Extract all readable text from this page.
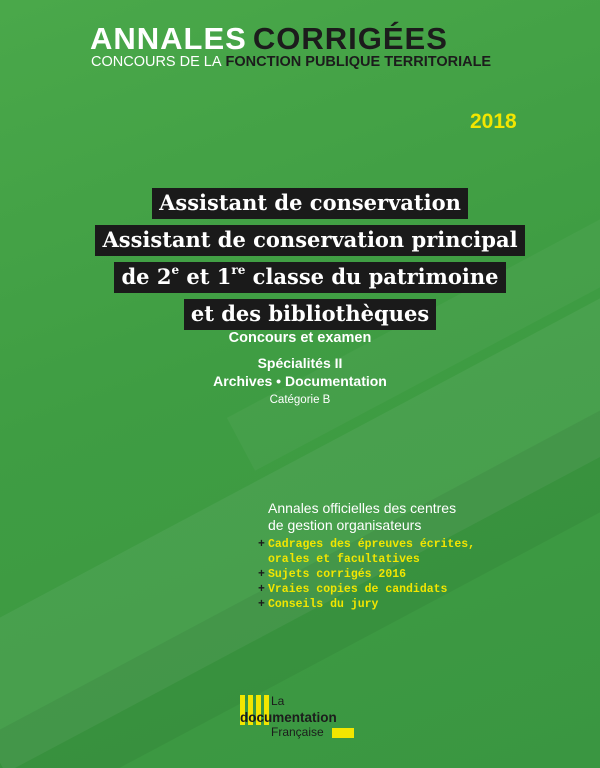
ANNALES CORRIGÉES
CONCOURS DE LA FONCTION PUBLIQUE TERRITORIALE
2018
Assistant de conservation
Assistant de conservation principal
de 2e et 1re classe du patrimoine
et des bibliothèques
Concours et examen
Spécialités II
Archives • Documentation
Catégorie B
Annales officielles des centres
de gestion organisateurs
+ Cadrages des épreuves écrites,
orales et facultatives
+ Sujets corrigés 2016
+ Vraies copies de candidats
+ Conseils du jury
La
documentation
Française
